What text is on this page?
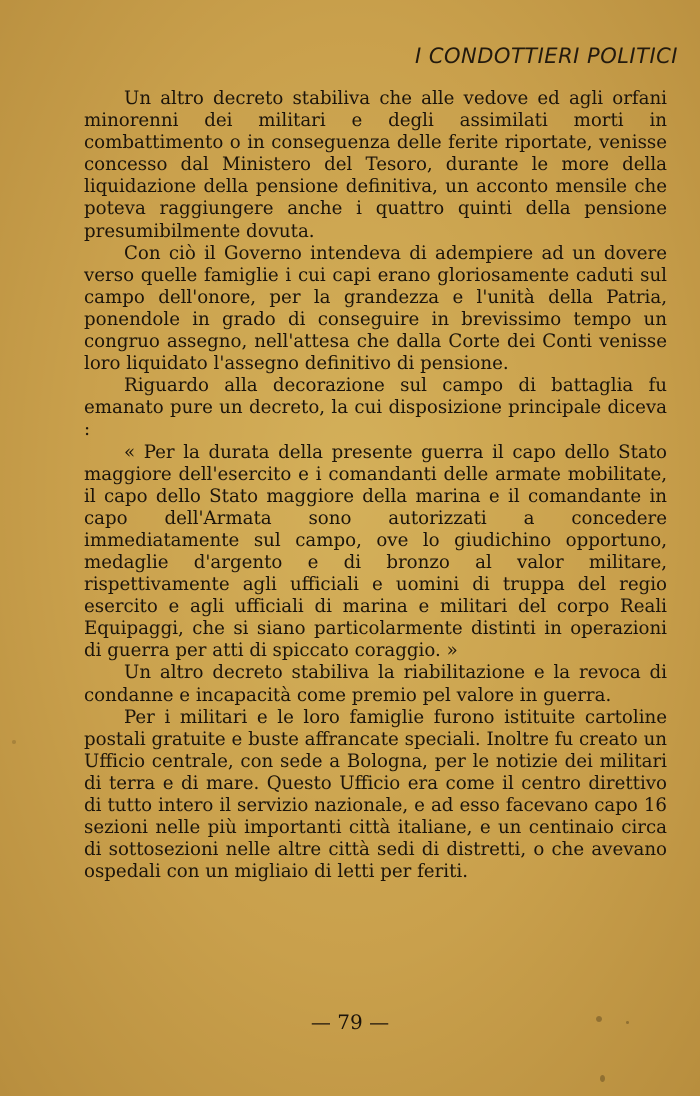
I CONDOTTIERI POLITICI

Un altro decreto stabiliva che alle vedove ed agli orfani minorenni dei militari e degli assimilati morti in combattimento o in conseguenza delle ferite riportate, venisse concesso dal Ministero del Tesoro, durante le more della liquidazione della pensione definitiva, un acconto mensile che poteva raggiungere anche i quattro quinti della pensione presumibilmente dovuta.

Con ciò il Governo intendeva di adempiere ad un dovere verso quelle famiglie i cui capi erano gloriosamente caduti sul campo dell'onore, per la grandezza e l'unità della Patria, ponendole in grado di conseguire in brevissimo tempo un congruo assegno, nell'attesa che dalla Corte dei Conti venisse loro liquidato l'assegno definitivo di pensione.

Riguardo alla decorazione sul campo di battaglia fu emanato pure un decreto, la cui disposizione principale diceva :

« Per la durata della presente guerra il capo dello Stato maggiore dell'esercito e i comandanti delle armate mobilitate, il capo dello Stato maggiore della marina e il comandante in capo dell'Armata sono autorizzati a concedere immediatamente sul campo, ove lo giudichino opportuno, medaglie d'argento e di bronzo al valor militare, rispettivamente agli ufficiali e uomini di truppa del regio esercito e agli ufficiali di marina e militari del corpo Reali Equipaggi, che si siano particolarmente distinti in operazioni di guerra per atti di spiccato coraggio. »

Un altro decreto stabiliva la riabilitazione e la revoca di condanne e incapacità come premio pel valore in guerra.

Per i militari e le loro famiglie furono istituite cartoline postali gratuite e buste affrancate speciali. Inoltre fu creato un Ufficio centrale, con sede a Bologna, per le notizie dei militari di terra e di mare. Questo Ufficio era come il centro direttivo di tutto intero il servizio nazionale, e ad esso facevano capo 16 sezioni nelle più importanti città italiane, e un centinaio circa di sottosezioni nelle altre città sedi di distretti, o che avevano ospedali con un migliaio di letti per feriti.

— 79 —
